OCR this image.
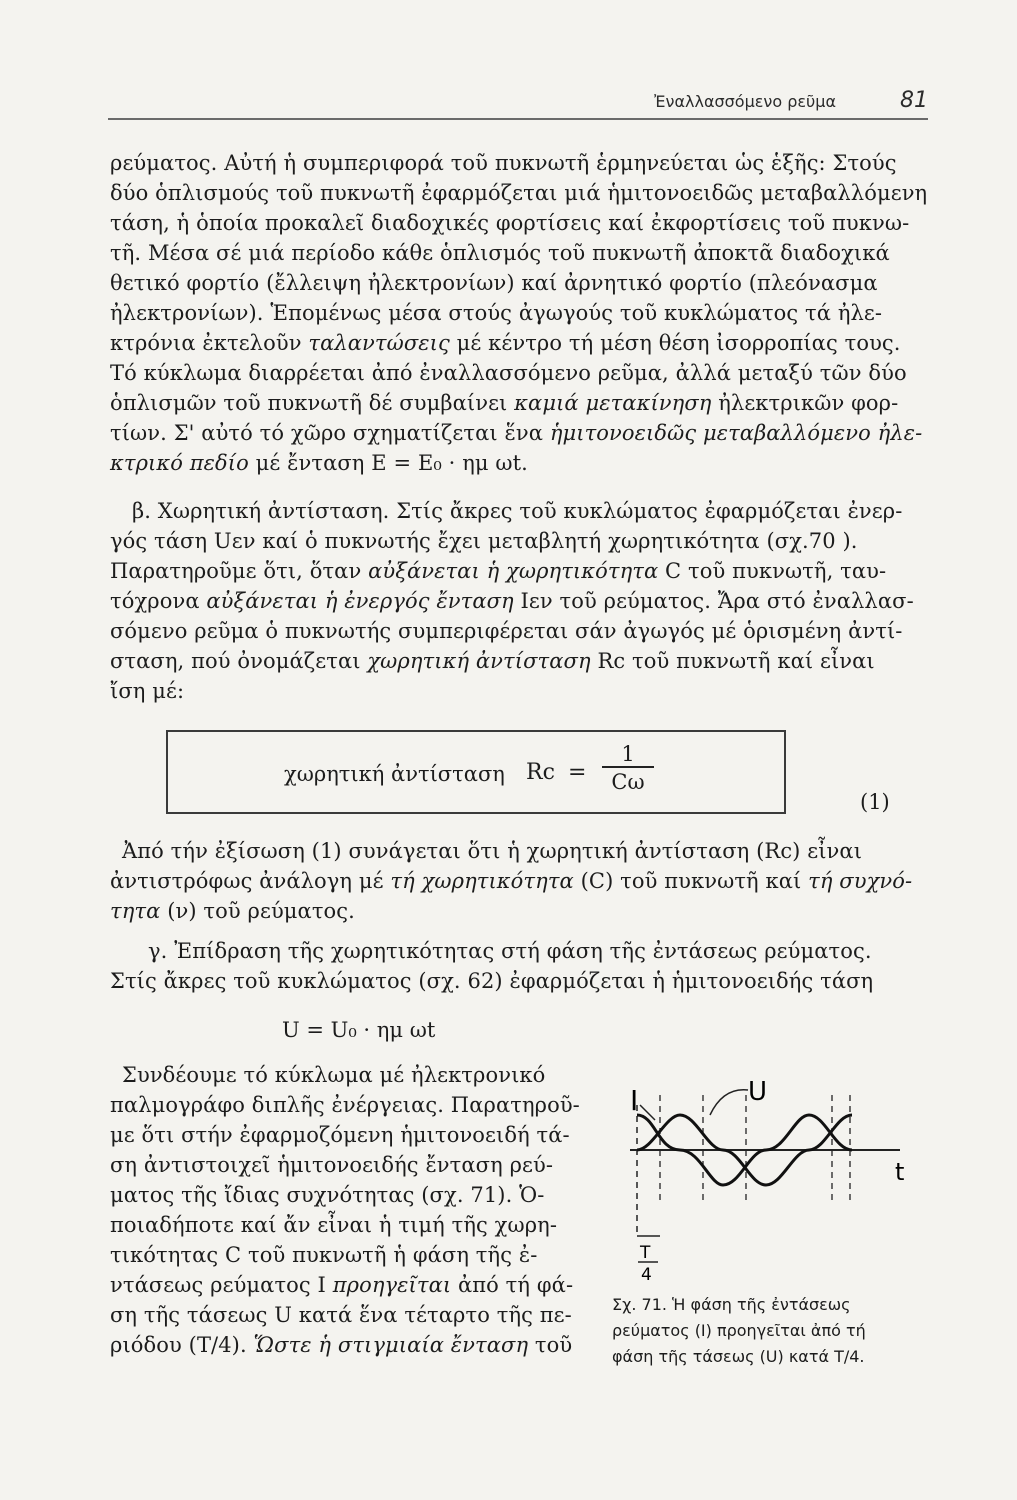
Ἐναλλασσόμενο ρεῦμα	81
ρεύματος. Αὐτή ἡ συμπεριφορά τοῦ πυκνωτῆ ἑρμηνεύεται ὡς ἑξῆς: Στούς
δύο ὁπλισμούς τοῦ πυκνωτῆ ἐφαρμόζεται μιά ἡμιτονοειδῶς μεταβαλλόμενη
τάση, ἡ ὁποία προκαλεῖ διαδοχικές φορτίσεις καί ἐκφορτίσεις τοῦ πυκνω-
τῆ. Μέσα σέ μιά περίοδο κάθε ὁπλισμός τοῦ πυκνωτῆ ἀποκτᾶ διαδοχικά
θετικό φορτίο (ἔλλειψη ἠλεκτρονίων) καί ἀρνητικό φορτίο (πλεόνασμα
ἠλεκτρονίων). Ἑπομένως μέσα στούς ἀγωγούς τοῦ κυκλώματος τά ἠλε-
κτρόνια ἐκτελοῦν ταλαντώσεις μέ κέντρο τή μέση θέση ἰσορροπίας τους.
Τό κύκλωμα διαρρέεται ἀπό ἐναλλασσόμενο ρεῦμα, ἀλλά μεταξύ τῶν δύο
ὁπλισμῶν τοῦ πυκνωτῆ δέ συμβαίνει καμιά μετακίνηση ἠλεκτρικῶν φορ-
τίων. Σ' αὐτό τό χῶρο σχηματίζεται ἕνα ἡμιτονοειδῶς μεταβαλλόμενο ἠλε-
κτρικό πεδίο μέ ἔνταση Ε = Ε₀ · ημ ωt.
β. Χωρητική ἀντίσταση. Στίς ἄκρες τοῦ κυκλώματος ἐφαρμόζεται ἐνερ-
γός τάση Uεν καί ὁ πυκνωτής ἔχει μεταβλητή χωρητικότητα (σχ.70 ).
Παρατηροῦμε ὅτι, ὅταν αὐξάνεται ἡ χωρητικότητα C τοῦ πυκνωτῆ, ταυ-
τόχρονα αὐξάνεται ἡ ἐνεργός ἔνταση Iεν τοῦ ρεύματος. Ἄρα στό ἐναλλασ-
σόμενο ρεῦμα ὁ πυκνωτής συμπεριφέρεται σάν ἀγωγός μέ ὁρισμένη ἀντί-
σταση, πού ὀνομάζεται χωρητική ἀντίσταση Rc τοῦ πυκνωτῆ καί εἶναι
ἴση μέ:
χωρητική ἀντίσταση Rc =
1
Cω
(1)
Ἀπό τήν ἐξίσωση (1) συνάγεται ὅτι ἡ χωρητική ἀντίσταση (Rc) εἶναι
ἀντιστρόφως ἀνάλογη μέ τή χωρητικότητα (C) τοῦ πυκνωτῆ καί τή συχνό-
τητα (ν) τοῦ ρεύματος.
γ. Ἐπίδραση τῆς χωρητικότητας στή φάση τῆς ἐντάσεως ρεύματος.
Στίς ἄκρες τοῦ κυκλώματος (σχ. 62) ἐφαρμόζεται ἡ ἡμιτονοειδής τάση
U = U₀ · ημ ωt
Συνδέουμε τό κύκλωμα μέ ἠλεκτρονικό
παλμογράφο διπλῆς ἐνέργειας. Παρατηροῦ-
με ὅτι στήν ἐφαρμοζόμενη ἡμιτονοειδή τά-
ση ἀντιστοιχεῖ ἡμιτονοειδής ἔνταση ρεύ-
ματος τῆς ἴδιας συχνότητας (σχ. 71). Ὁ-
ποιαδήποτε καί ἄν εἶναι ἡ τιμή τῆς χωρη-
τικότητας C τοῦ πυκνωτῆ ἡ φάση τῆς ἐ-
ντάσεως ρεύματος I προηγεῖται ἀπό τή φά-
ση τῆς τάσεως U κατά ἕνα τέταρτο τῆς πε-
ριόδου (T/4). Ὥστε ἡ στιγμιαία ἔνταση τοῦ
I	U
t
T
4
Σχ. 71. Ἡ φάση τῆς ἐντάσεως
ρεύματος (I) προηγεῖται ἀπό τή
φάση τῆς τάσεως (U) κατά T/4.
